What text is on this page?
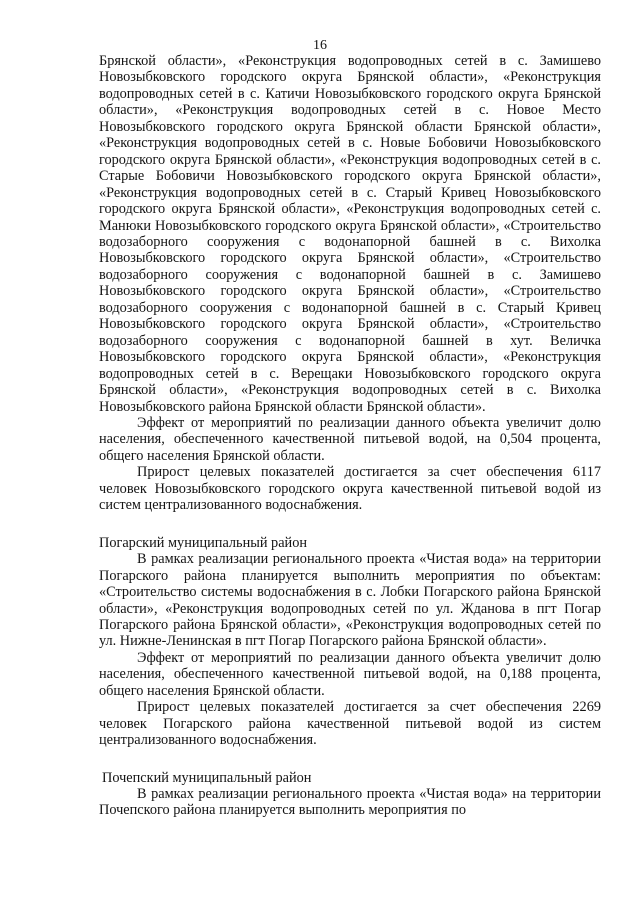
16

Брянской области», «Реконструкция водопроводных сетей в с. Замишево Новозыбковского городского округа Брянской области», «Реконструкция водопроводных сетей в с. Катичи Новозыбковского городского округа Брянской области», «Реконструкция водопроводных сетей в с. Новое Место Новозыбковского городского округа Брянской области Брянской области», «Реконструкция водопроводных сетей в с. Новые Бобовичи Новозыбковского городского округа Брянской области», «Реконструкция водопроводных сетей в с. Старые Бобовичи Новозыбковского городского округа Брянской области», «Реконструкция водопроводных сетей в с. Старый Кривец Новозыбковского городского округа Брянской области», «Реконструкция водопроводных сетей с. Манюки Новозыбковского городского округа Брянской области», «Строительство водозаборного сооружения с водонапорной башней в с. Вихолка Новозыбковского городского округа Брянской области», «Строительство водозаборного сооружения с водонапорной башней в с. Замишево Новозыбковского городского округа Брянской области», «Строительство водозаборного сооружения с водонапорной башней в с. Старый Кривец Новозыбковского городского округа Брянской области», «Строительство водозаборного сооружения с водонапорной башней в хут. Величка Новозыбковского городского округа Брянской области», «Реконструкция водопроводных сетей в с. Верещаки Новозыбковского городского округа Брянской области», «Реконструкция водопроводных сетей в с. Вихолка Новозыбковского района Брянской области Брянской области».

Эффект от мероприятий по реализации данного объекта увеличит долю населения, обеспеченного качественной питьевой водой, на 0,504 процента, общего населения Брянской области.

Прирост целевых показателей достигается за счет обеспечения 6117 человек Новозыбковского городского округа качественной питьевой водой из систем централизованного водоснабжения.

Погарский муниципальный район

В рамках реализации регионального проекта «Чистая вода» на территории Погарского района планируется выполнить мероприятия по объектам: «Строительство системы водоснабжения в с. Лобки Погарского района Брянской области», «Реконструкция водопроводных сетей по ул. Жданова в пгт Погар Погарского района Брянской области», «Реконструкция водопроводных сетей по ул. Нижне-Ленинская в пгт Погар Погарского района Брянской области».

Эффект от мероприятий по реализации данного объекта увеличит долю населения, обеспеченного качественной питьевой водой, на 0,188 процента, общего населения Брянской области.

Прирост целевых показателей достигается за счет обеспечения 2269 человек Погарского района качественной питьевой водой из систем централизованного водоснабжения.

Почепский муниципальный район

В рамках реализации регионального проекта «Чистая вода» на территории Почепского района планируется выполнить мероприятия по
